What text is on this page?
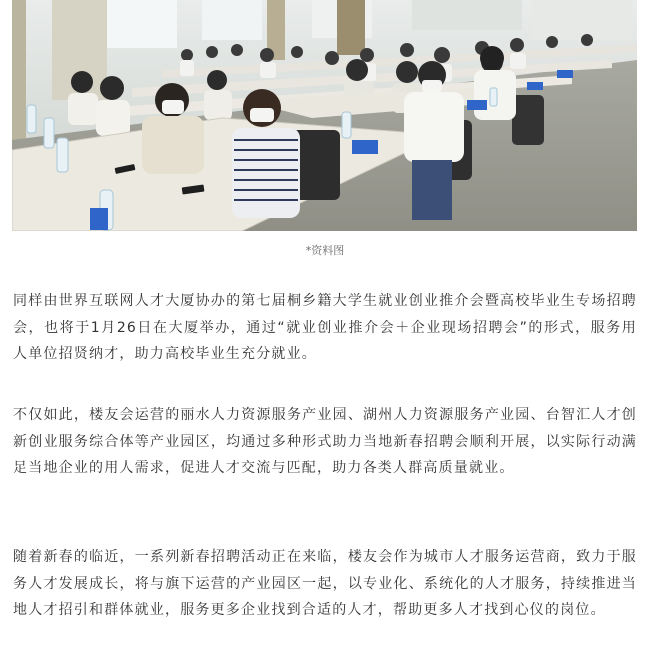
*资料图

同样由世界互联网人才大厦协办的第七届桐乡籍大学生就业创业推介会暨高校毕业生专场招聘会，也将于1月26日在大厦举办，通过“就业创业推介会＋企业现场招聘会”的形式，服务用人单位招贤纳才，助力高校毕业生充分就业。

不仅如此，楼友会运营的丽水人力资源服务产业园、湖州人力资源服务产业园、台智汇人才创新创业服务综合体等产业园区，均通过多种形式助力当地新春招聘会顺利开展，以实际行动满足当地企业的用人需求，促进人才交流与匹配，助力各类人群高质量就业。

随着新春的临近，一系列新春招聘活动正在来临，楼友会作为城市人才服务运营商，致力于服务人才发展成长，将与旗下运营的产业园区一起，以专业化、系统化的人才服务，持续推进当地人才招引和群体就业，服务更多企业找到合适的人才，帮助更多人才找到心仪的岗位。
